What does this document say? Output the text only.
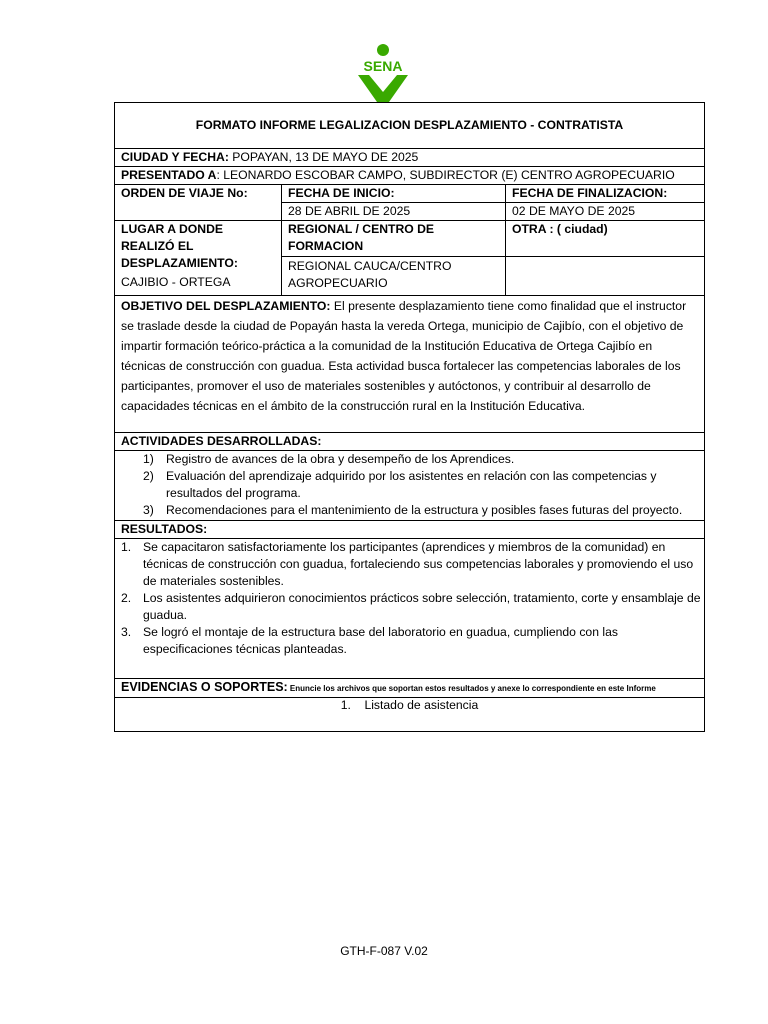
SENA
FORMATO INFORME LEGALIZACION DESPLAZAMIENTO - CONTRATISTA
CIUDAD Y FECHA: POPAYAN, 13 DE MAYO DE 2025
PRESENTADO A: LEONARDO ESCOBAR CAMPO, SUBDIRECTOR (E) CENTRO AGROPECUARIO
ORDEN DE VIAJE No:	FECHA DE INICIO:
28 DE ABRIL DE 2025
FECHA DE FINALIZACION:
02 DE MAYO DE 2025
LUGAR A DONDE REALIZÓ EL DESPLAZAMIENTO:
CAJIBIO - ORTEGA
REGIONAL / CENTRO DE FORMACION
REGIONAL CAUCA/CENTRO AGROPECUARIO
OTRA : ( ciudad)
OBJETIVO DEL DESPLAZAMIENTO: El presente desplazamiento tiene como finalidad que el instructor se traslade desde la ciudad de Popayán hasta la vereda Ortega, municipio de Cajibío, con el objetivo de impartir formación teórico-práctica a la comunidad de la Institución Educativa de Ortega Cajibío en técnicas de construcción con guadua. Esta actividad busca fortalecer las competencias laborales de los participantes, promover el uso de materiales sostenibles y autóctonos, y contribuir al desarrollo de capacidades técnicas en el ámbito de la construcción rural en la Institución Educativa.
ACTIVIDADES DESARROLLADAS:
1) Registro de avances de la obra y desempeño de los Aprendices.
2) Evaluación del aprendizaje adquirido por los asistentes en relación con las competencias y resultados del programa.
3) Recomendaciones para el mantenimiento de la estructura y posibles fases futuras del proyecto.
RESULTADOS:
1. Se capacitaron satisfactoriamente los participantes (aprendices y miembros de la comunidad) en técnicas de construcción con guadua, fortaleciendo sus competencias laborales y promoviendo el uso de materiales sostenibles.
2. Los asistentes adquirieron conocimientos prácticos sobre selección, tratamiento, corte y ensamblaje de guadua.
3. Se logró el montaje de la estructura base del laboratorio en guadua, cumpliendo con las especificaciones técnicas planteadas.
EVIDENCIAS O SOPORTES: Enuncie los archivos que soportan estos resultados y anexe lo correspondiente en este Informe
1. Listado de asistencia
GTH-F-087 V.02
